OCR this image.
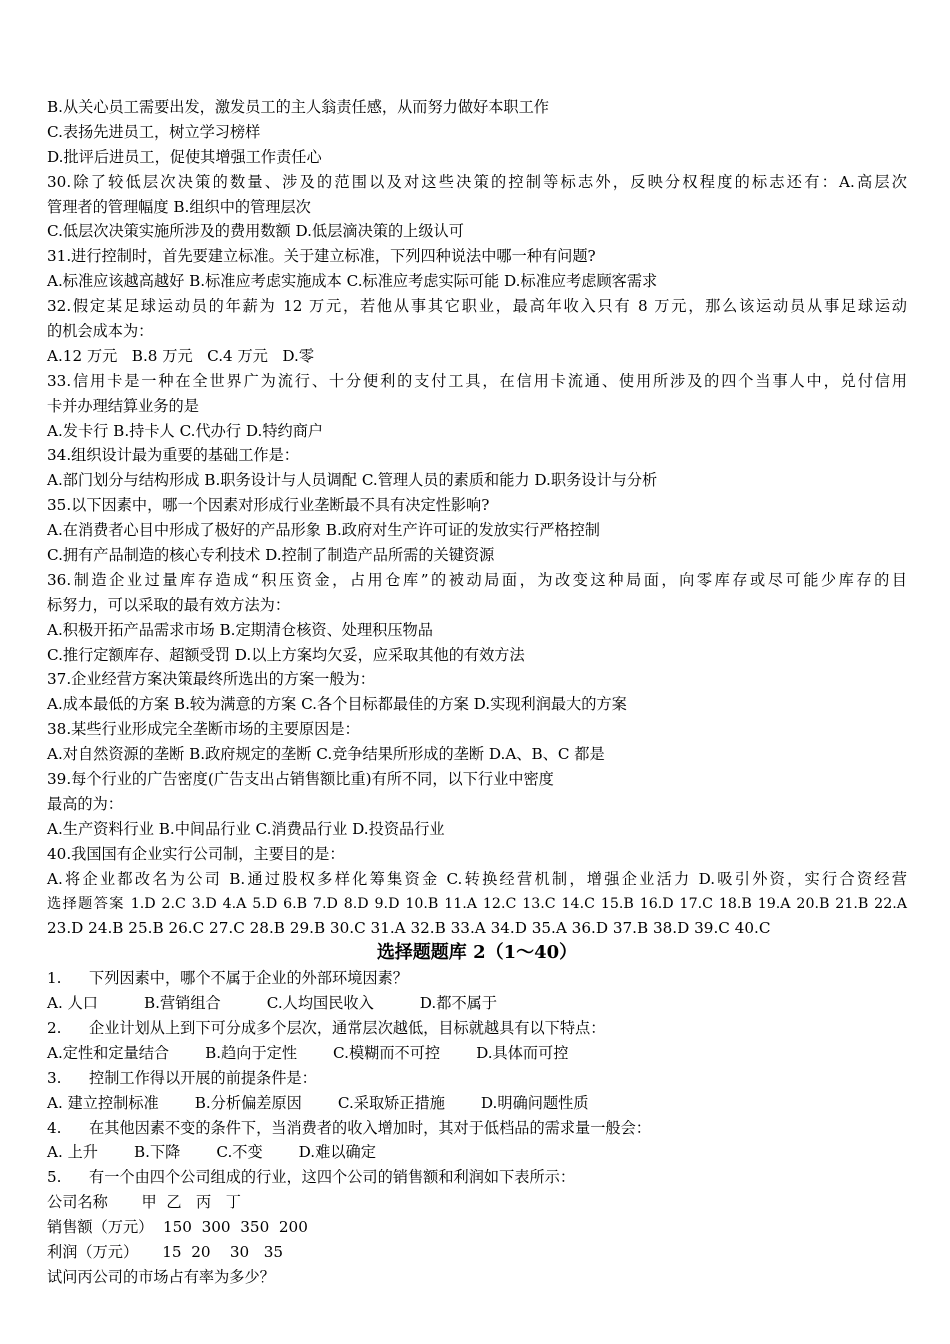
B.从关心员工需要出发，激发员工的主人翁责任感，从而努力做好本职工作
C.表扬先进员工，树立学习榜样
D.批评后进员工，促使其增强工作责任心
30.除了较低层次决策的数量、涉及的范围以及对这些决策的控制等标志外，反映分权程度的标志还有：A.高层次
管理者的管理幅度 B.组织中的管理层次
C.低层次决策实施所涉及的费用数额 D.低层滴决策的上级认可
31.进行控制时，首先要建立标准。关于建立标准，下列四种说法中哪一种有问题?
A.标准应该越高越好 B.标准应考虑实施成本 C.标准应考虑实际可能 D.标准应考虑顾客需求
32.假定某足球运动员的年薪为 12 万元，若他从事其它职业，最高年收入只有 8 万元，那么该运动员从事足球运动
的机会成本为：
A.12 万元   B.8 万元   C.4 万元   D.零
33.信用卡是一种在全世界广为流行、十分便利的支付工具，在信用卡流通、使用所涉及的四个当事人中，兑付信用
卡并办理结算业务的是
A.发卡行 B.持卡人 C.代办行 D.特约商户
34.组织设计最为重要的基础工作是：
A.部门划分与结构形成 B.职务设计与人员调配 C.管理人员的素质和能力 D.职务设计与分析
35.以下因素中，哪一个因素对形成行业垄断最不具有决定性影响?
A.在消费者心目中形成了极好的产品形象 B.政府对生产许可证的发放实行严格控制
C.拥有产品制造的核心专利技术 D.控制了制造产品所需的关键资源
36.制造企业过量库存造成“积压资金，占用仓库”的被动局面，为改变这种局面，向零库存或尽可能少库存的目
标努力，可以采取的最有效方法为：
A.积极开拓产品需求市场 B.定期清仓核资、处理积压物品
C.推行定额库存、超额受罚 D.以上方案均欠妥，应采取其他的有效方法
37.企业经营方案决策最终所选出的方案一般为：
A.成本最低的方案 B.较为满意的方案 C.各个目标都最佳的方案 D.实现利润最大的方案
38.某些行业形成完全垄断市场的主要原因是：
A.对自然资源的垄断 B.政府规定的垄断 C.竞争结果所形成的垄断 D.A、B、C 都是
39.每个行业的广告密度(广告支出占销售额比重)有所不同，以下行业中密度
最高的为：
A.生产资料行业 B.中间品行业 C.消费品行业 D.投资品行业
40.我国国有企业实行公司制，主要目的是：
A.将企业都改名为公司 B.通过股权多样化筹集资金 C.转换经营机制，增强企业活力 D.吸引外资，实行合资经营
选择题答案 1.D 2.C 3.D 4.A 5.D 6.B 7.D 8.D 9.D 10.B 11.A 12.C 13.C 14.C 15.B 16.D 17.C 18.B 19.A 20.B 21.B 22.A
23.D 24.B 25.B 26.C 27.C 28.B 29.B 30.C 31.A 32.B 33.A 34.D 35.A 36.D 37.B 38.D 39.C 40.C
选择题题库 2（1～40）
1. 下列因素中，哪个不属于企业的外部环境因素？
A. 人口	B.营销组合	C.人均国民收入	D.都不属于
2. 企业计划从上到下可分成多个层次，通常层次越低，目标就越具有以下特点：
A.定性和定量结合 B.趋向于定性 C.模糊而不可控 D.具体而可控
3. 控制工作得以开展的前提条件是：
A. 建立控制标准 B.分析偏差原因 C.采取矫正措施 D.明确问题性质
4. 在其他因素不变的条件下，当消费者的收入增加时，其对于低档品的需求量一般会：
A. 上升 B.下降 C.不变 D.难以确定
5. 有一个由四个公司组成的行业，这四个公司的销售额和利润如下表所示：
公司名称       甲  乙   丙   丁
销售额（万元）  150  300  350  200
利润（万元）     15  20    30   35
试问丙公司的市场占有率为多少？
